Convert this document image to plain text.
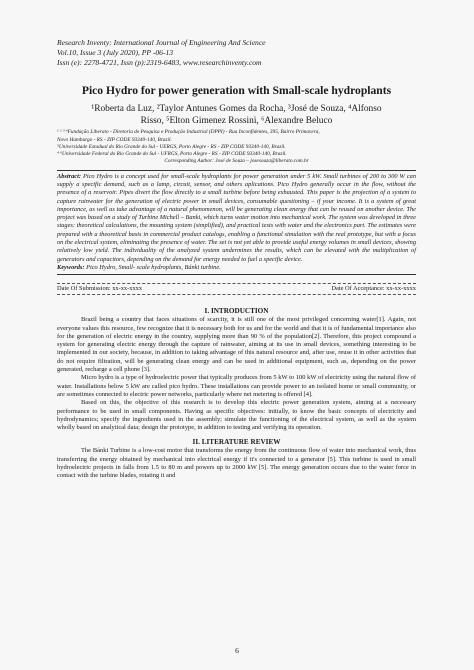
Research Inventy: International Journal of Engineering And Science
Vol.10, Issue 3 (July 2020), PP -06-13
Issn (e): 2278-4721, Issn (p):2319-6483, www.researchinventy.com
Pico Hydro for power generation with Small-scale hydroplants
¹Roberta da Luz, ²Taylor Antunes Gomes da Rocha, ³José de Souza, ⁴Alfonso
Risso, ⁵Elton Gimenez Rossini, ⁶Alexandre Beluco
¹ ² ³ ⁴Fundação Liberato - Diretoria de Pesquisa e Produção Industrial (DPPI) - Rua Inconfidentes, 395, Bairro Primavera,
Novo Hamburgo - RS - ZIP CODE 93340-140, Brazil.
⁵Universidade Estadual do Rio Grande do Sul - UERGS, Porto Alegre - RS - ZIP CODE 93340-140, Brazil.
⁴ ⁶Universidade Federal do Rio Grande do Sul - UFRGS, Porto Alegre - RS - ZIP CODE 93340-140, Brazil.
Corresponding Author: José de Souza – josesouza@liberato.com.br
Abstract: Pico Hydro is a concept used for small-scale hydroplants for power generation under 5 kW. Small turbines of 200 to 300 W can supply a specific demand, such as a lamp, circuit, sensor, and others aplications. Pico Hydro generally occur in the flow, without the presence of a reservoir. Pipes divert the flow directly to a small turbine before being exhausted. This paper is the projection of a system to capture rainwater for the generation of electric power in small devices, consumable questioning – if your income. It is a system of great importance, as well as take advantage of a natural phenomenon, will be generating clean energy that can be reused on another device. The project was based on a study of Turbine Michell – Banki, which turns water motion into mechanical work. The system was developed in three stages: theoretical calculations, the mounting system (simplified), and practical tests with water and the electronics part. The estimates were prepared with a theoretical basis in commercial product catalogs, enabling a functional simulation with the real prototype, but with a focus on the electrical system, eliminating the presence of water. The set is not yet able to provide useful energy volumes in small devices, showing relatively low yield. The individuality of the analyzed system undermines the results, which can be elevated with the multiplication of generators and capacitors, depending on the demand for energy needed to fuel a specific device.
Keywords: Pico Hydro, Small- scale hydroplants, Bánki turbine.
Date Of Submission: xx-xx-xxxx	Date Of Acceptance: xx-xx-xxxx
I. INTRODUCTION

Brazil being a country that faces situations of scarcity, it is still one of the most privileged concerning water[1]. Again, not everyone values this resource, few recognize that it is necessary both for us and for the world and that it is of fundamental importance also for the generation of electric energy in the country, supplying more than 90 % of the population[2]. Therefore, this project compound a system for generating electric energy through the capture of rainwater, aiming at its use in small devices, something interesting to be implemented in our society, because, in addition to taking advantage of this natural resource and, after use, reuse it in other activities that do not require filtration, will be generating clean energy and can be used in additional equipment, such as, depending on the power generated, recharge a cell phone [3].

Micro hydro is a type of hydroelectric power that typically produces from 5 kW to 100 kW of electricity using the natural flow of water. Installations below 5 kW are called pico hydro. These installations can provide power to an isolated home or small community, or are sometimes connected to electric power networks, particularly where net metering is offered [4].

Based on this, the objective of this research is to develop this electric power generation system, aiming at a necessary performance to be used in small components. Having as specific objectives: initially, to know the basic concepts of electricity and hydrodynamics; specify the ingredients used in the assembly; simulate the functioning of the electrical system, as well as the system wholly based on analytical data; design the prototype, in addition to testing and verifying its operation.

II. LITERATURE REVIEW

The Bánki Turbine is a low-cost motor that transforms the energy from the continuous flow of water into mechanical work, thus transferring the energy obtained by mechanical into electrical energy if it's connected to a generator [5]. This turbine is used in small hydroelectric projects in falls from 1.5 to 80 m and powers up to 2000 kW [5]. The energy generation occurs due to the water force in contact with the turbine blades, rotating it and

6
